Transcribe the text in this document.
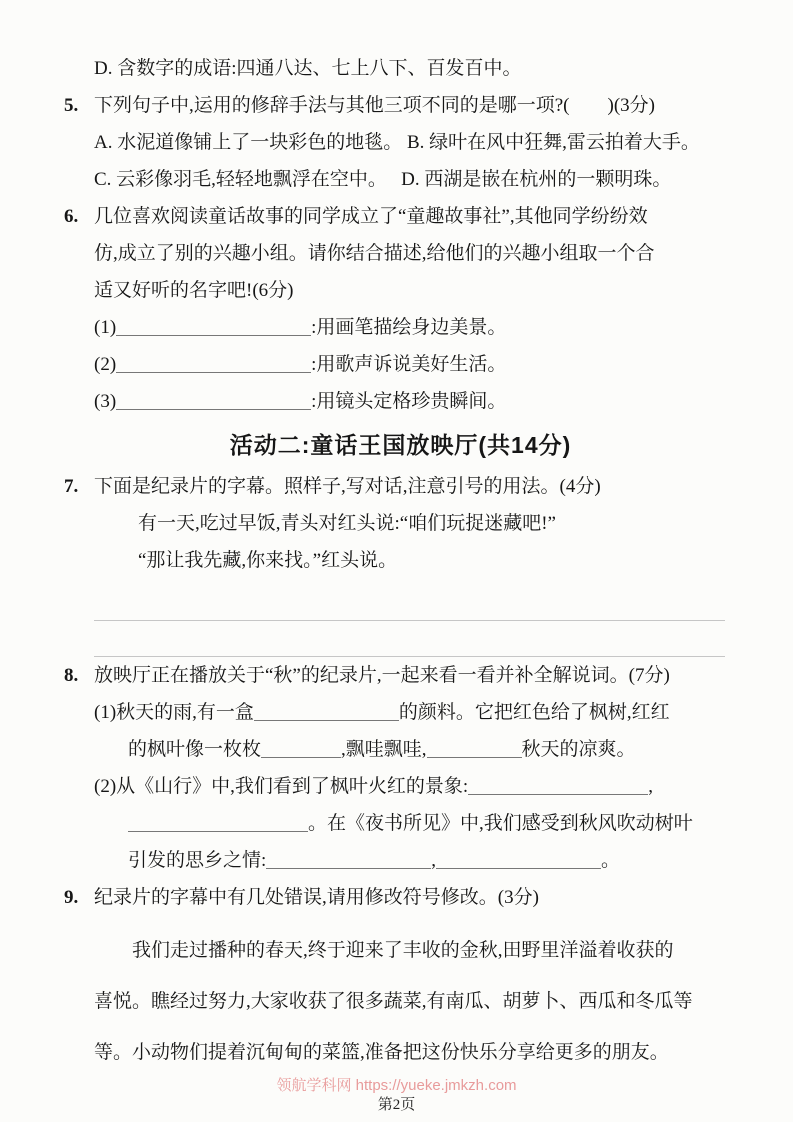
D. 含数字的成语:四通八达、七上八下、百发百中。
5. 下列句子中,运用的修辞手法与其他三项不同的是哪一项?(　　)(3分)
A. 水泥道像铺上了一块彩色的地毯。 B. 绿叶在风中狂舞,雷云拍着大手。
C. 云彩像羽毛,轻轻地飘浮在空中。　 D. 西湖是嵌在杭州的一颗明珠。
6. 几位喜欢阅读童话故事的同学成立了“童趣故事社”,其他同学纷纷效
仿,成立了别的兴趣小组。请你结合描述,给他们的兴趣小组取一个合
适又好听的名字吧!(6分)
(1)	:用画笔描绘身边美景。
(2)	:用歌声诉说美好生活。
(3)	:用镜头定格珍贵瞬间。
活动二:童话王国放映厅(共14分)
7. 下面是纪录片的字幕。照样子,写对话,注意引号的用法。(4分)
有一天,吃过早饭,青头对红头说:“咱们玩捉迷藏吧!”
“那让我先藏,你来找。”红头说。
8. 放映厅正在播放关于“秋”的纪录片,一起来看一看并补全解说词。(7分)
(1)秋天的雨,有一盒	的颜料。它把红色给了枫树,红红
的枫叶像一枚枚	,飘哇飘哇,	秋天的凉爽。
(2)从《山行》中,我们看到了枫叶火红的景象:	,
。在《夜书所见》中,我们感受到秋风吹动树叶
引发的思乡之情:	,	。
9. 纪录片的字幕中有几处错误,请用修改符号修改。(3分)
我们走过播种的春天,终于迎来了丰收的金秋,田野里洋溢着收获的
喜悦。瞧经过努力,大家收获了很多蔬菜,有南瓜、胡萝卜、西瓜和冬瓜等
等。小动物们提着沉甸甸的菜篮,准备把这份快乐分享给更多的朋友。
领航学科网 https://yueke.jmkzh.com
第2页
